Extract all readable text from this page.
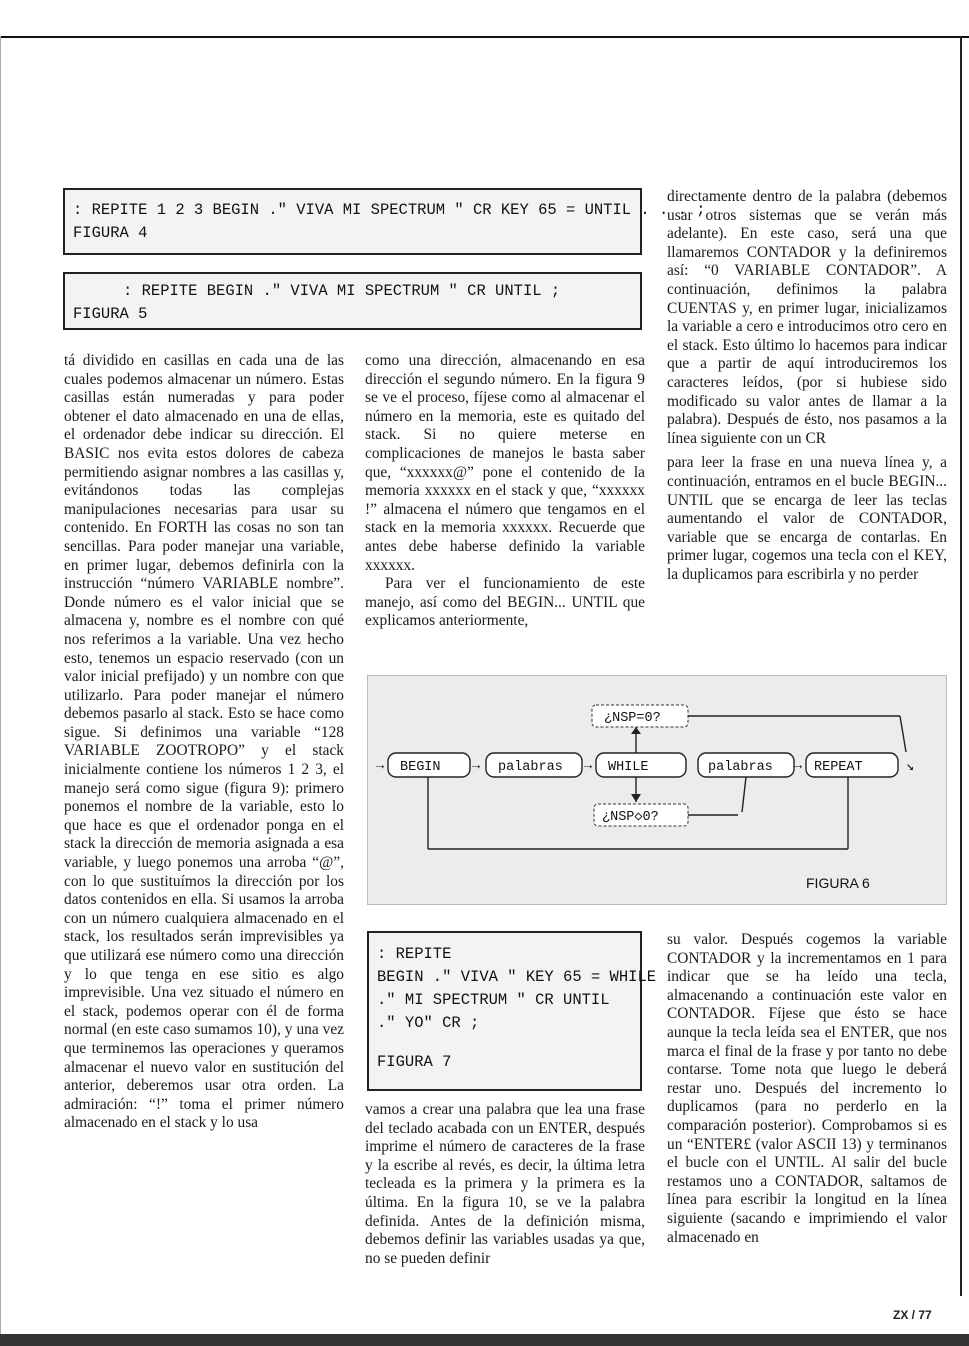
: REPITE 1 2 3 BEGIN ." VIVA MI SPECTRUM " CR KEY 65 = UNTIL . . . ;
FIGURA 4
: REPITE BEGIN ." VIVA MI SPECTRUM " CR UNTIL ;
FIGURA 5

tá dividido en casillas en cada una de las cuales podemos almacenar un número. Estas casillas están numeradas y para poder obtener el dato almacenado en una de ellas, el ordenador debe indicar su dirección. El BASIC nos evita estos dolores de cabeza permitiendo asignar nombres a las casillas y, evitándonos todas las complejas manipulaciones necesarias para usar su contenido. En FORTH las cosas no son tan sencillas. Para poder manejar una variable, en primer lugar, debemos definirla con la instrucción “número VARIABLE nombre”. Donde número es el valor inicial que se almacena y, nombre es el nombre con qué nos referimos a la variable. Una vez hecho esto, tenemos un espacio reservado (con un valor inicial prefijado) y un nombre con que utilizarlo. Para poder manejar el número debemos pasarlo al stack. Esto se hace como sigue. Si definimos una variable “128 VARIABLE ZOOTROPO” y el stack inicialmente contiene los números 1 2 3, el manejo será como sigue (figura 9): primero ponemos el nombre de la variable, esto lo que hace es que el ordenador ponga en el stack la dirección de memoria asignada a esa variable, y luego ponemos una arroba “@”, con lo que sustituímos la dirección por los datos contenidos en ella. Si usamos la arroba con un número cualquiera almacenado en el stack, los resultados serán imprevisibles ya que utilizará ese número como una dirección y lo que tenga en ese sitio es algo imprevisible. Una vez situado el número en el stack, podemos operar con él de forma normal (en este caso sumamos 10), y una vez que terminemos las operaciones y queramos almacenar el nuevo valor en sustitución del anterior, deberemos usar otra orden. La admiración: “!” toma el primer número almacenado en el stack y lo usa

como una dirección, almacenando en esa dirección el segundo número. En la figura 9 se ve el proceso, fíjese como al almacenar el número en la memoria, este es quitado del stack. Si no quiere meterse en complicaciones de manejos le basta saber que, “xxxxxx@” pone el contenido de la memoria xxxxxx en el stack y que, “xxxxxx !” almacena el número que tengamos en el stack en la memoria xxxxxx. Recuerde que antes debe haberse definido la variable xxxxxx.

Para ver el funcionamiento de este manejo, así como del BEGIN... UNTIL que explicamos anteriormente,

directamente dentro de la palabra (debemos usar otros sistemas que se verán más adelante). En este caso, será una que llamaremos CONTADOR y la definiremos así: “0 VARIABLE CONTADOR”. A continuación, definimos la palabra CUENTAS y, en primer lugar, inicializamos la variable a cero e introducimos otro cero en el stack. Esto último lo hacemos para indicar que a partir de aquí introduciremos los caracteres leídos, (por si hubiese sido modificado su valor antes de llamar a la palabra). Después de ésto, nos pasamos a la línea siguiente con un CR

para leer la frase en una nueva línea y, a continuación, entramos en el bucle BEGIN... UNTIL que se encarga de leer las teclas aumentando el valor de CONTADOR, variable que se encarga de contarlas. En primer lugar, cogemos una tecla con el KEY, la duplicamos para escribirla y no perder

¿NSP=0?
→ BEGIN → palabras → WHILE	palabras → REPEAT	↘
¿NSP◇0?
FIGURA 6
: REPITE
BEGIN ." VIVA " KEY 65 = WHILE
." MI SPECTRUM " CR UNTIL
." YO" CR ;
FIGURA 7

vamos a crear una palabra que lea una frase del teclado acabada con un ENTER, después imprime el número de caracteres de la frase y la escribe al revés, es decir, la última letra tecleada es la primera y la primera es la última. En la figura 10, se ve la palabra definida. Antes de la definición misma, debemos definir las variables usadas ya que, no se pueden definir

su valor. Después cogemos la variable CONTADOR y la incrementamos en 1 para indicar que se ha leído una tecla, almacenando a continuación este valor en CONTADOR. Fíjese que ésto se hace aunque la tecla leída sea el ENTER, que nos marca el final de la frase y por tanto no debe contarse. Tome nota que luego le deberá restar uno. Después del incremento lo duplicamos (para no perderlo en la comparación posterior). Comprobamos si es un “ENTER£ (valor ASCII 13) y terminanos el bucle con el UNTIL. Al salir del bucle restamos uno a CONTADOR, saltamos de línea para escribir la longitud en la línea siguiente (sacando e imprimiendo el valor almacenado en

ZX / 77
